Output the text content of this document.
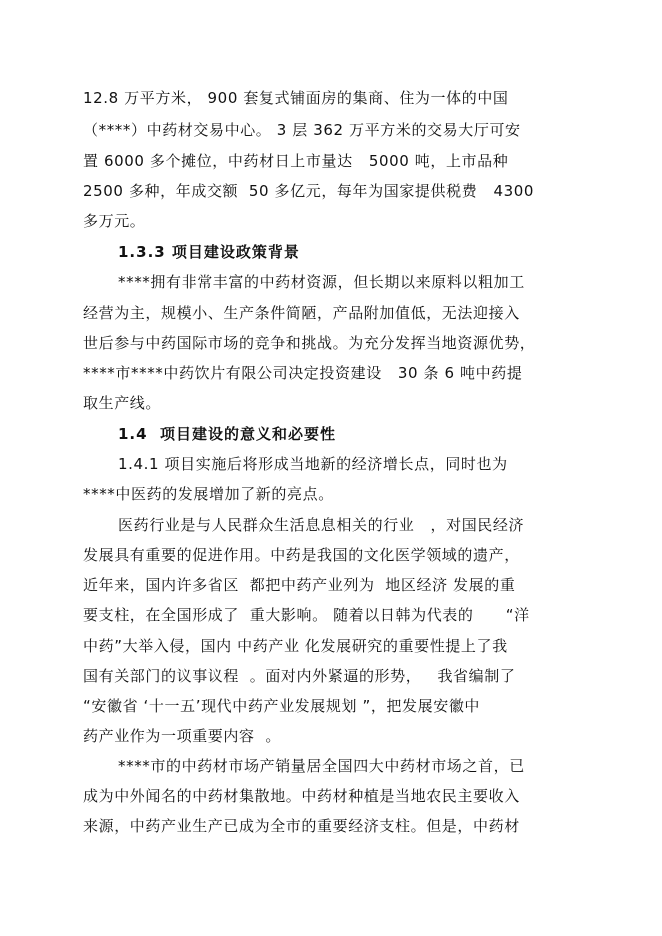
12.8 万平方米， 900 套复式铺面房的集商、住为一体的中国
（****）中药材交易中心。 3 层 362 万平方米的交易大厅可安
置 6000 多个摊位，中药材日上市量达   5000 吨，上市品种
2500 多种，年成交额  50 多亿元，每年为国家提供税费   4300
多万元。
1.3.3 项目建设政策背景
****拥有非常丰富的中药材资源，但长期以来原料以粗加工
经营为主，规模小、生产条件简陋，产品附加值低，无法迎接入
世后参与中药国际市场的竞争和挑战。为充分发挥当地资源优势，
****市****中药饮片有限公司决定投资建设   30 条 6 吨中药提
取生产线。
1.4  项目建设的意义和必要性
1.4.1 项目实施后将形成当地新的经济增长点，同时也为
****中医药的发展增加了新的亮点。
医药行业是与人民群众生活息息相关的行业   ，对国民经济
发展具有重要的促进作用。中药是我国的文化医学领域的遗产，
近年来，国内许多省区  都把中药产业列为  地区经济 发展的重
要支柱，在全国形成了  重大影响。 随着以日韩为代表的      “洋
中药”大举入侵，国内 中药产业 化发展研究的重要性提上了我
国有关部门的议事议程  。面对内外紧逼的形势，   我省编制了
“安徽省 ‘十一五’现代中药产业发展规划 ”，把发展安徽中
药产业作为一项重要内容  。
****市的中药材市场产销量居全国四大中药材市场之首，已
成为中外闻名的中药材集散地。中药材种植是当地农民主要收入
来源，中药产业生产已成为全市的重要经济支柱。但是，中药材
